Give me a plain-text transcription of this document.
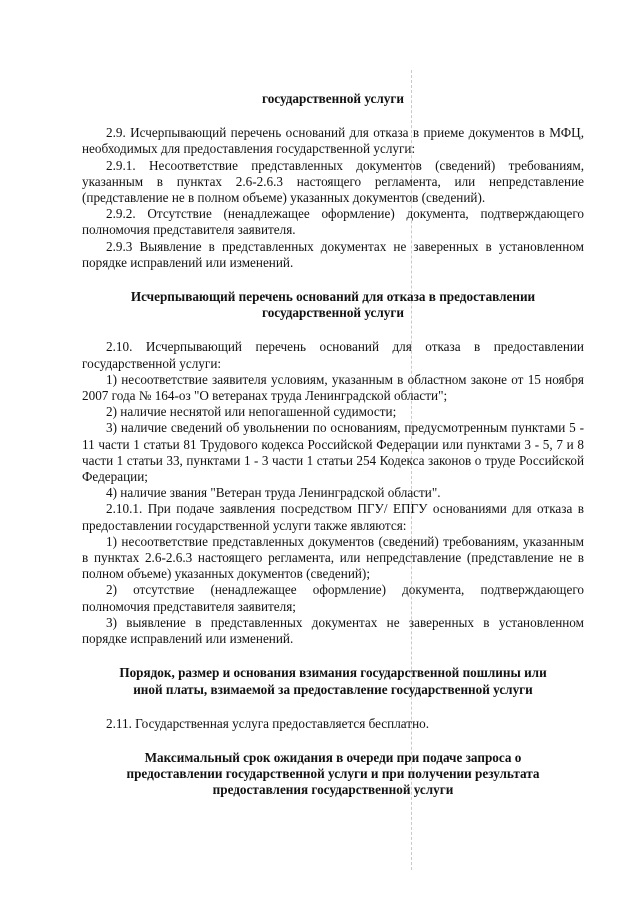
государственной услуги

2.9. Исчерпывающий перечень оснований для отказа в приеме документов в МФЦ, необходимых для предоставления государственной услуги:

2.9.1. Несоответствие представленных документов (сведений) требованиям, указанным в пунктах 2.6-2.6.3 настоящего регламента, или непредставление (представление не в полном объеме) указанных документов (сведений).

2.9.2. Отсутствие (ненадлежащее оформление) документа, подтверждающего полномочия представителя заявителя.

2.9.3 Выявление в представленных документах не заверенных в установленном порядке исправлений или изменений.

Исчерпывающий перечень оснований для отказа в предоставлении государственной услуги

2.10. Исчерпывающий перечень оснований для отказа в предоставлении государственной услуги:

1) несоответствие заявителя условиям, указанным в областном законе от 15 ноября 2007 года № 164-оз "О ветеранах труда Ленинградской области";

2) наличие неснятой или непогашенной судимости;

3) наличие сведений об увольнении по основаниям, предусмотренным пунктами 5 - 11 части 1 статьи 81 Трудового кодекса Российской Федерации или пунктами 3 - 5, 7 и 8 части 1 статьи 33, пунктами 1 - 3 части 1 статьи 254 Кодекса законов о труде Российской Федерации;

4) наличие звания "Ветеран труда Ленинградской области".

2.10.1. При подаче заявления посредством ПГУ/ ЕПГУ основаниями для отказа в предоставлении государственной услуги также являются:

1) несоответствие представленных документов (сведений) требованиям, указанным в пунктах 2.6-2.6.3 настоящего регламента, или непредставление (представление не в полном объеме) указанных документов (сведений);

2) отсутствие (ненадлежащее оформление) документа, подтверждающего полномочия представителя заявителя;

3) выявление в представленных документах не заверенных в установленном порядке исправлений или изменений.

Порядок, размер и основания взимания государственной пошлины или иной платы, взимаемой за предоставление государственной услуги

2.11. Государственная услуга предоставляется бесплатно.

Максимальный срок ожидания в очереди при подаче запроса о предоставлении государственной услуги и при получении результата предоставления государственной услуги
